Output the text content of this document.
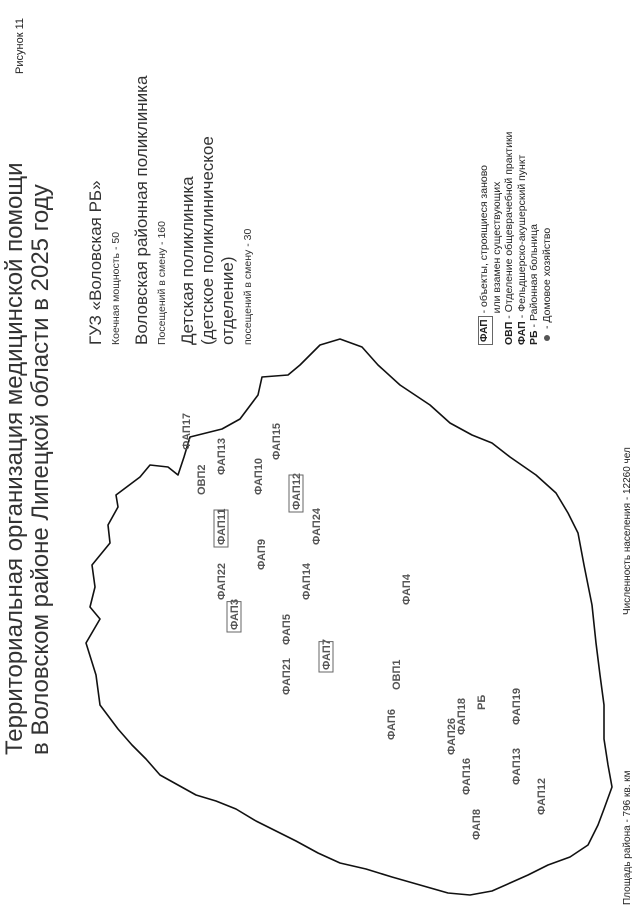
Рисунок 11
Территориальная организация медицинской помощи в Воловском районе Липецкой области в 2025 году ГУЗ «Воловская РБ» Коечная мощность - 50 Воловская районная поликлиника Посещений в смену - 160 Детская поликлиника (детское поликлиническое отделение) посещений в смену - 30	ФАП
- объекты, строящиеся заново
или взамен существующих
ОВП
- Отделение общеврачебной практики
ФАП
- Фельдшерско-акушерский пункт
РБ
- Районная больница - Домовое хозяйство
Площадь района - 796 кв. км
Численность населения - 12260 чел
ФАП17
ОВП2
ФАП11
ФАП13
ФАП10
ФАП15
ФАП12
ФАП9
ФАП22
ФАП3	ФАП5
ФАП14
ФАП24
ФАП4
ФАП7
ФАП21	ОВП1
ФАП6	ФАП26
ФАП16
ФАП18	ФАП19
ФАП13
ФАП12
ФАП8
РБ
